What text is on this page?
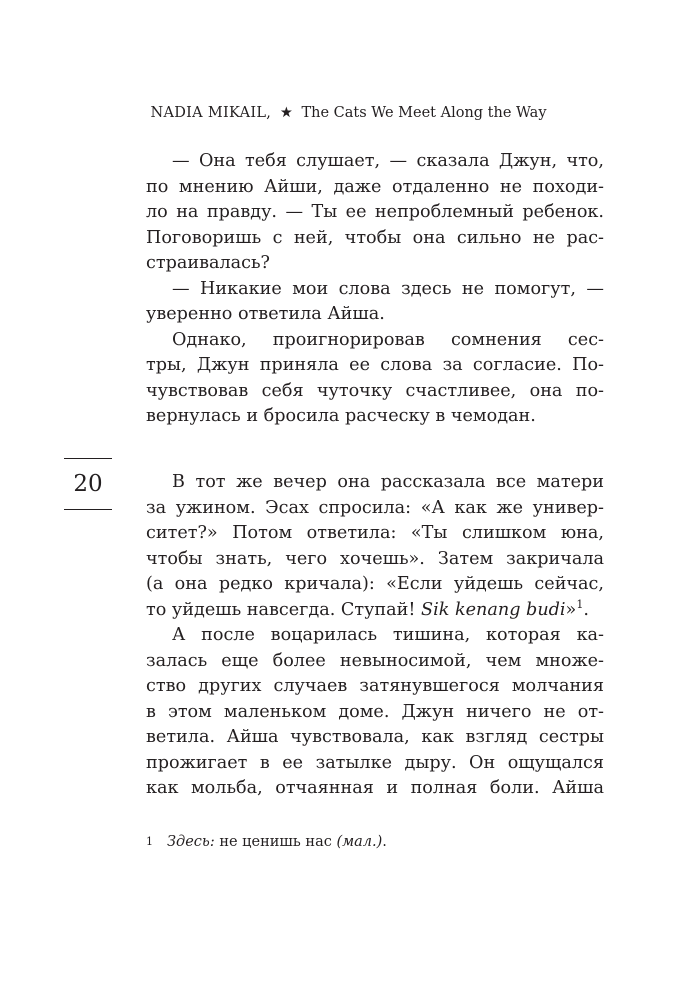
NADIA MIKAIL, ★ The Cats We Meet Along the Way
20
— Она тебя слушает, — сказала Джун, что,
по мнению Айши, даже отдаленно не походи-
ло на правду. — Ты ее непроблемный ребенок.
Поговоришь с ней, чтобы она сильно не рас-
страивалась?
— Никакие мои слова здесь не помогут, —
уверенно ответила Айша.
Однако, проигнорировав сомнения сес-
тры, Джун приняла ее слова за согласие. По-
чувствовав себя чуточку счастливее, она по-
вернулась и бросила расческу в чемодан.
В тот же вечер она рассказала все матери
за ужином. Эсах спросила: «А как же универ-
ситет?» Потом ответила: «Ты слишком юна,
чтобы знать, чего хочешь». Затем закричала
(а она редко кричала): «Если уйдешь сейчас,
то уйдешь навсегда. Ступай! Sik kenang budi»$^1$.
А после воцарилась тишина, которая ка-
залась еще более невыносимой, чем множе-
ство других случаев затянувшегося молчания
в этом маленьком доме. Джун ничего не от-
ветила. Айша чувствовала, как взгляд сестры
прожигает в ее затылке дыру. Он ощущался
как мольба, отчаянная и полная боли. Айша
$^1$ Здесь: не ценишь нас (мал.).
